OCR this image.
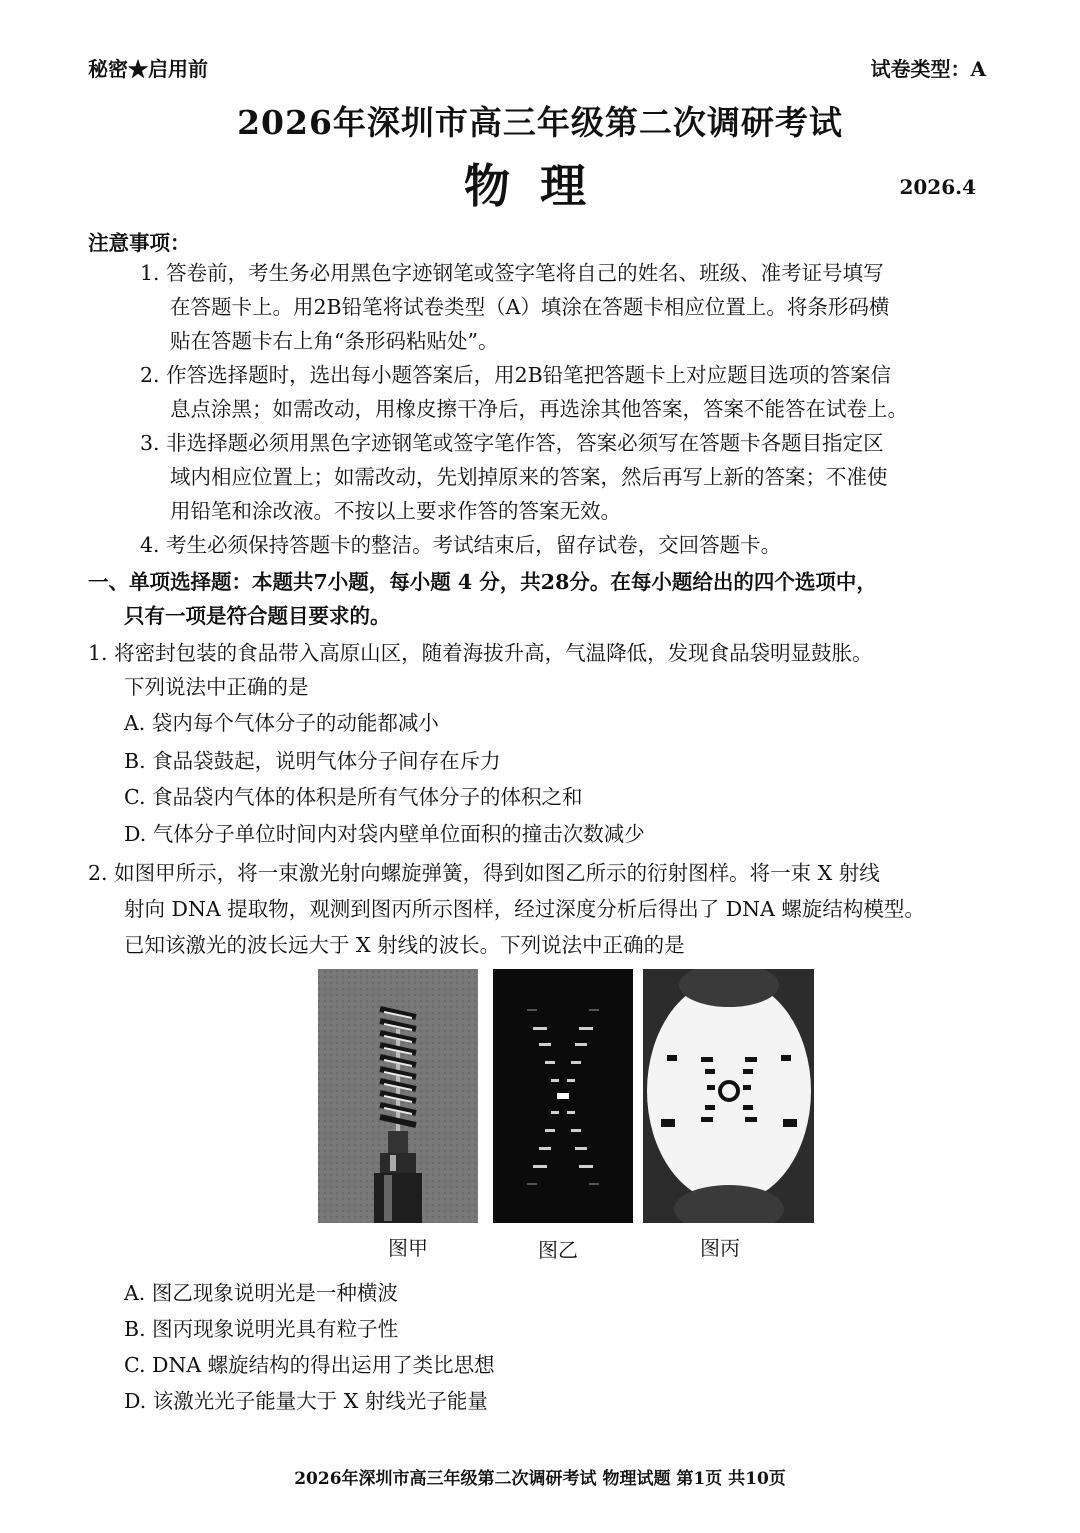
秘密★启用前	试卷类型：A
2026年深圳市高三年级第二次调研考试
物理	2026.4
注意事项：
1. 答卷前，考生务必用黑色字迹钢笔或签字笔将自己的姓名、班级、准考证号填写
在答题卡上。用2B铅笔将试卷类型（A）填涂在答题卡相应位置上。将条形码横
贴在答题卡右上角“条形码粘贴处”。
2. 作答选择题时，选出每小题答案后，用2B铅笔把答题卡上对应题目选项的答案信
息点涂黑；如需改动，用橡皮擦干净后，再选涂其他答案，答案不能答在试卷上。
3. 非选择题必须用黑色字迹钢笔或签字笔作答，答案必须写在答题卡各题目指定区
域内相应位置上；如需改动，先划掉原来的答案，然后再写上新的答案；不准使
用铅笔和涂改液。不按以上要求作答的答案无效。
4. 考生必须保持答题卡的整洁。考试结束后，留存试卷，交回答题卡。
一、单项选择题：本题共7小题，每小题 4 分，共28分。在每小题给出的四个选项中，
只有一项是符合题目要求的。
1. 将密封包装的食品带入高原山区，随着海拔升高，气温降低，发现食品袋明显鼓胀。
下列说法中正确的是
A. 袋内每个气体分子的动能都减小
B. 食品袋鼓起，说明气体分子间存在斥力
C. 食品袋内气体的体积是所有气体分子的体积之和
D. 气体分子单位时间内对袋内壁单位面积的撞击次数减少
2. 如图甲所示，将一束激光射向螺旋弹簧，得到如图乙所示的衍射图样。将一束 X 射线
射向 DNA 提取物，观测到图丙所示图样，经过深度分析后得出了 DNA 螺旋结构模型。
已知该激光的波长远大于 X 射线的波长。下列说法中正确的是
图甲	图乙	图丙
A. 图乙现象说明光是一种横波
B. 图丙现象说明光具有粒子性
C. DNA 螺旋结构的得出运用了类比思想
D. 该激光光子能量大于 X 射线光子能量
2026年深圳市高三年级第二次调研考试 物理试题 第1页 共10页
